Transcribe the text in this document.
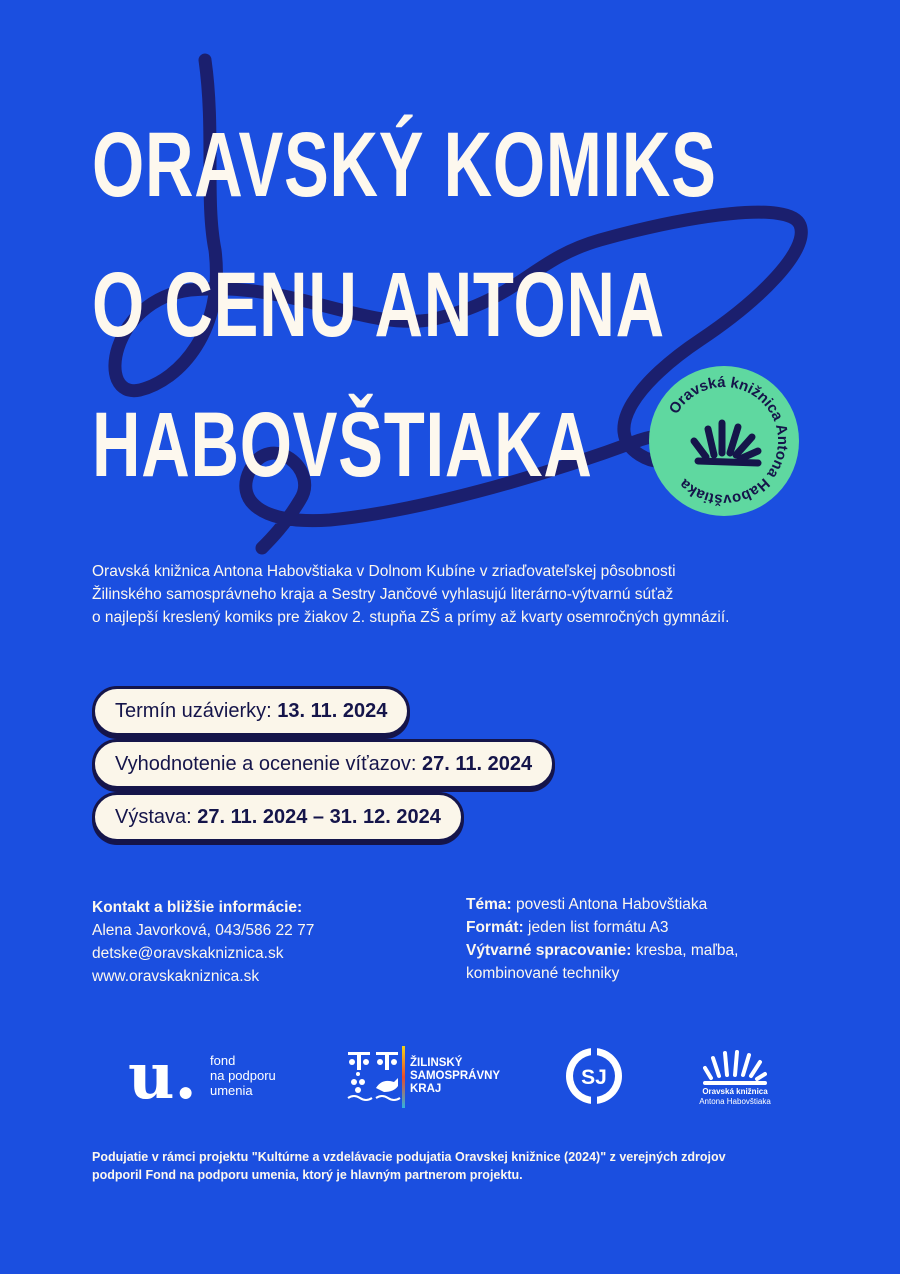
ORAVSKÝ KOMIKS
O CENU ANTONA
HABOVŠTIAKA	Oravská knižnica Antona Habovštiaka
Oravská knižnica Antona Habovštiaka v Dolnom Kubíne v zriaďovateľskej pôsobnosti
Žilinského samosprávneho kraja a Sestry Jančové vyhlasujú literárno-výtvarnú súťaž
o najlepší kreslený komiks pre žiakov 2. stupňa ZŠ a prímy až kvarty osemročných gymnázií.
Termín uzávierky: 13. 11. 2024
Vyhodnotenie a ocenenie víťazov: 27. 11. 2024
Výstava: 27. 11. 2024 – 31. 12. 2024
Kontakt a bližšie informácie:
Alena Javorková, 043/586 22 77
detske@oravskakniznica.sk
www.oravskakniznica.sk
Téma: povesti Antona Habovštiaka
Formát: jeden list formátu A3
Výtvarné spracovanie: kresba, maľba,
kombinované techniky
u. fond
na podporu
umenia
ŽILINSKÝ
SAMOSPRÁVNY
KRAJ	SJ
Oravská knižnica
Antona Habovštiaka
Podujatie v rámci projektu "Kultúrne a vzdelávacie podujatia Oravskej knižnice (2024)" z verejných zdrojov
podporil Fond na podporu umenia, ktorý je hlavným partnerom projektu.
